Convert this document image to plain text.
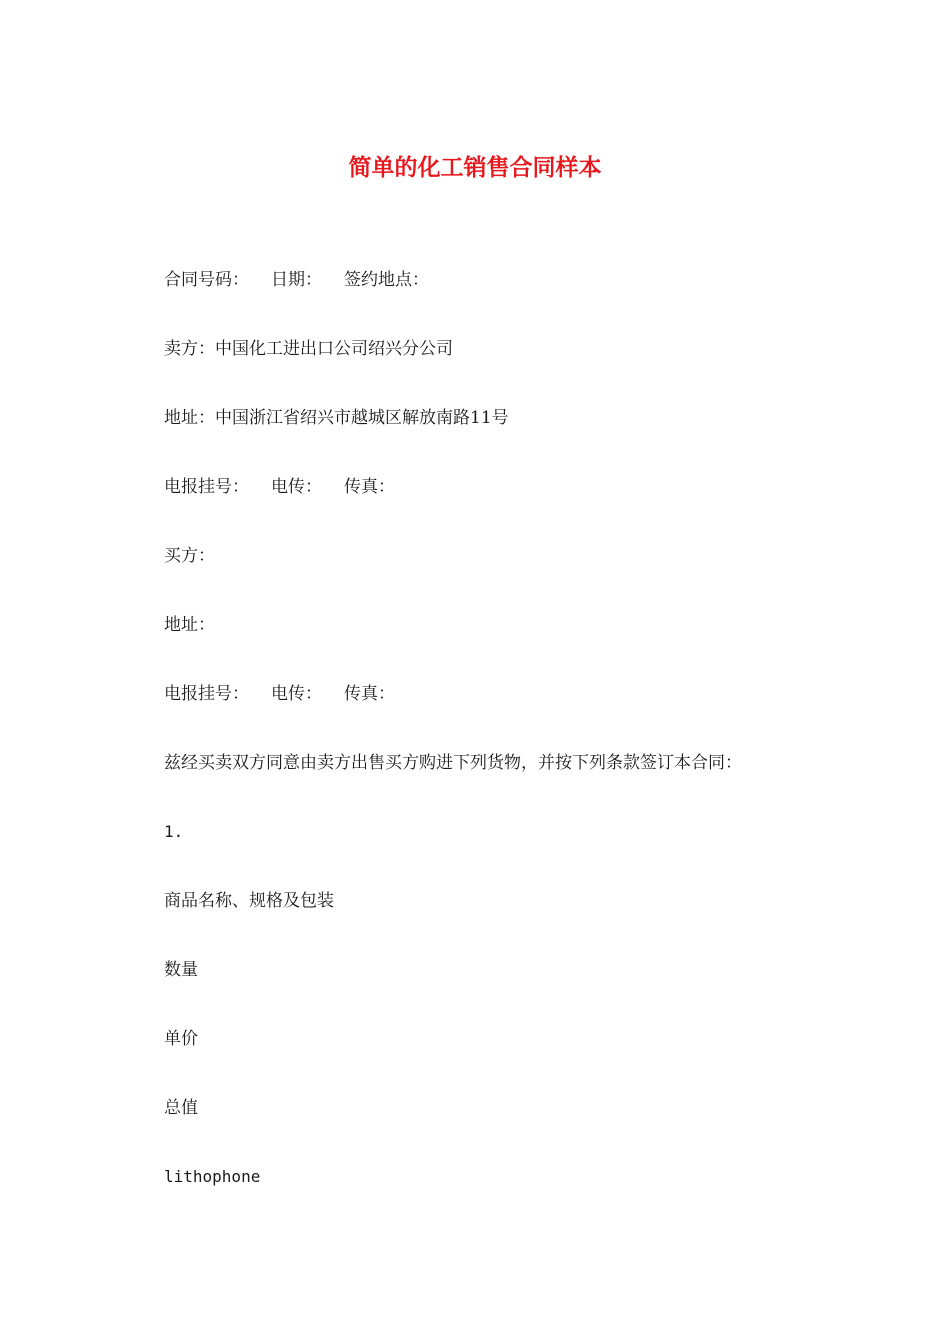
简单的化工销售合同样本
合同号码： 日期： 签约地点：
卖方：中国化工进出口公司绍兴分公司
地址：中国浙江省绍兴市越城区解放南路11号
电报挂号： 电传： 传真：
买方：
地址：
电报挂号： 电传： 传真：
兹经买卖双方同意由卖方出售买方购进下列货物，并按下列条款签订本合同：
1.
商品名称、规格及包装
数量
单价
总值
lithophone
